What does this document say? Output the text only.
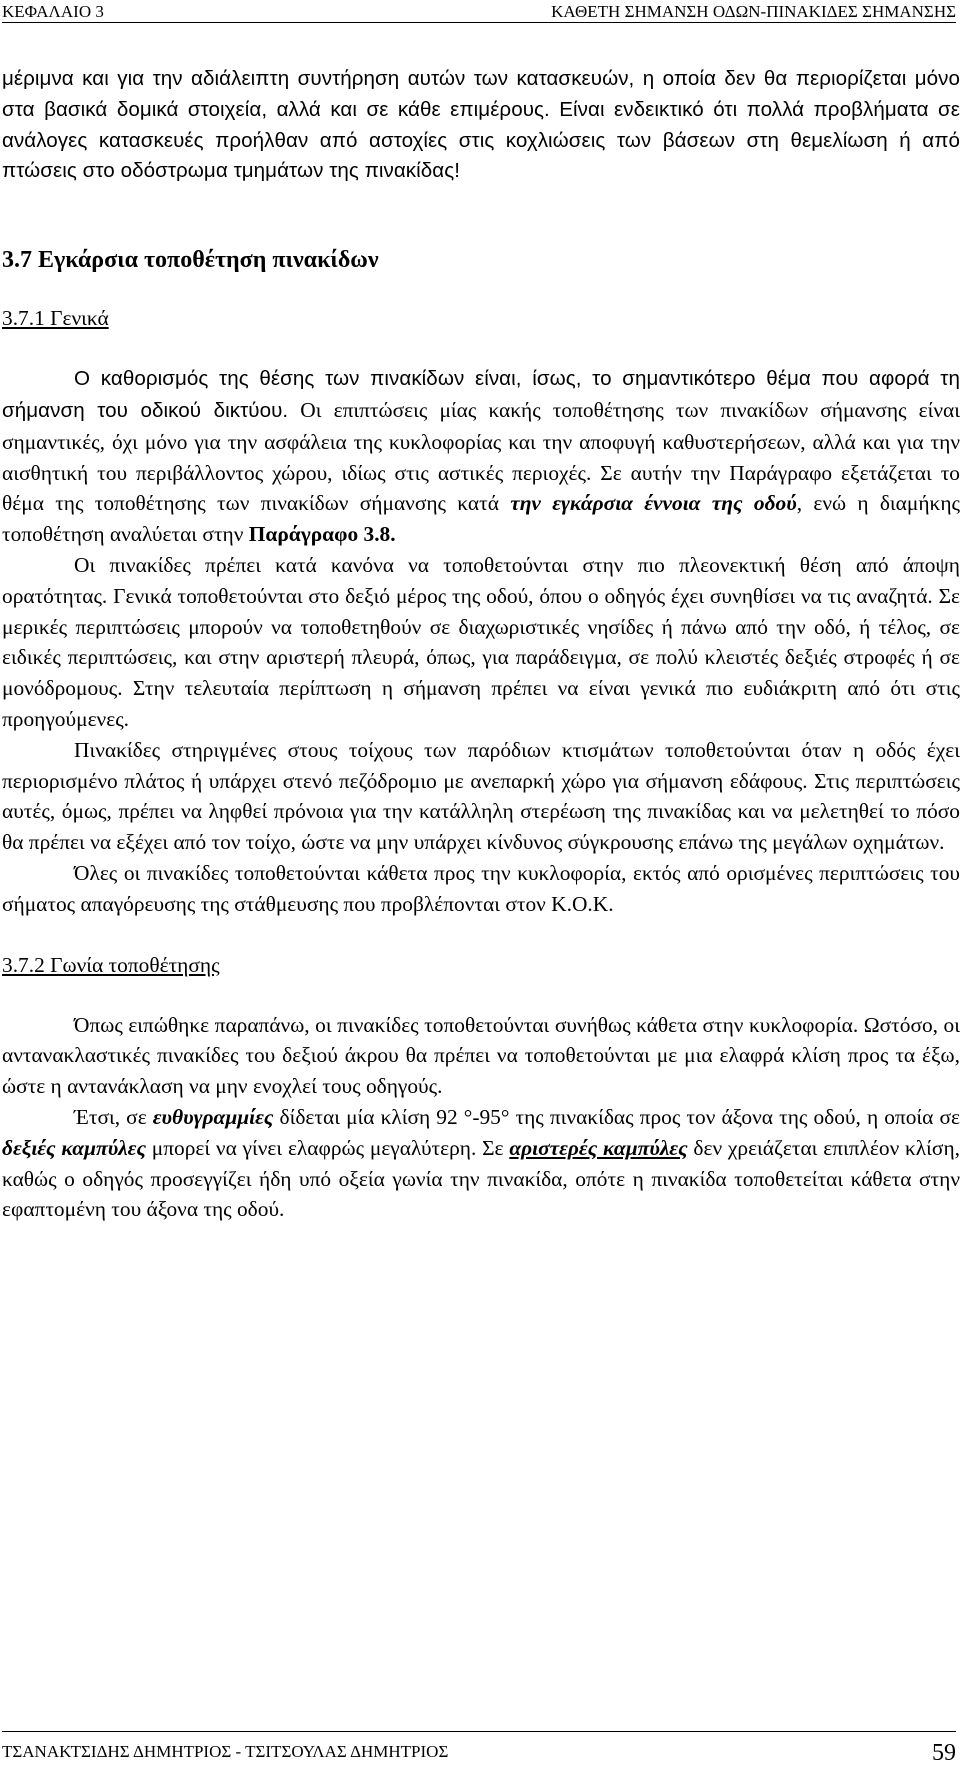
ΚΕΦΑΛΑΙΟ 3	ΚΑΘΕΤΗ ΣΗΜΑΝΣΗ ΟΔΩΝ-ΠΙΝΑΚΙΔΕΣ ΣΗΜΑΝΣΗΣ

μέριμνα και για την αδιάλειπτη συντήρηση αυτών των κατασκευών, η οποία δεν θα περιορίζεται μόνο στα βασικά δομικά στοιχεία, αλλά και σε κάθε επιμέρους. Είναι ενδεικτικό ότι πολλά προβλήματα σε ανάλογες κατασκευές προήλθαν από αστοχίες στις κοχλιώσεις των βάσεων στη θεμελίωση ή από πτώσεις στο οδόστρωμα τμημάτων της πινακίδας!

3.7 Εγκάρσια τοποθέτηση πινακίδων
3.7.1 Γενικά

Ο καθορισμός της θέσης των πινακίδων είναι, ίσως, το σημαντικότερο θέμα που αφορά τη σήμανση του οδικού δικτύου. Οι επιπτώσεις μίας κακής τοποθέτησης των πινακίδων σήμανσης είναι σημαντικές, όχι μόνο για την ασφάλεια της κυκλοφορίας και την αποφυγή καθυστερήσεων, αλλά και για την αισθητική του περιβάλλοντος χώρου, ιδίως στις αστικές περιοχές. Σε αυτήν την Παράγραφο εξετάζεται το θέμα της τοποθέτησης των πινακίδων σήμανσης κατά την εγκάρσια έννοια της οδού, ενώ η διαμήκης τοποθέτηση αναλύεται στην Παράγραφο 3.8.

Οι πινακίδες πρέπει κατά κανόνα να τοποθετούνται στην πιο πλεονεκτική θέση από άποψη ορατότητας. Γενικά τοποθετούνται στο δεξιό μέρος της οδού, όπου ο οδηγός έχει συνηθίσει να τις αναζητά. Σε μερικές περιπτώσεις μπορούν να τοποθετηθούν σε διαχωριστικές νησίδες ή πάνω από την οδό, ή τέλος, σε ειδικές περιπτώσεις, και στην αριστερή πλευρά, όπως, για παράδειγμα, σε πολύ κλειστές δεξιές στροφές ή σε μονόδρομους. Στην τελευταία περίπτωση η σήμανση πρέπει να είναι γενικά πιο ευδιάκριτη από ότι στις προηγούμενες.

Πινακίδες στηριγμένες στους τοίχους των παρόδιων κτισμάτων τοποθετούνται όταν η οδός έχει περιορισμένο πλάτος ή υπάρχει στενό πεζόδρομιο με ανεπαρκή χώρο για σήμανση εδάφους. Στις περιπτώσεις αυτές, όμως, πρέπει να ληφθεί πρόνοια για την κατάλληλη στερέωση της πινακίδας και να μελετηθεί το πόσο θα πρέπει να εξέχει από τον τοίχο, ώστε να μην υπάρχει κίνδυνος σύγκρουσης επάνω της μεγάλων οχημάτων.

Όλες οι πινακίδες τοποθετούνται κάθετα προς την κυκλοφορία, εκτός από ορισμένες περιπτώσεις του σήματος απαγόρευσης της στάθμευσης που προβλέπονται στον Κ.Ο.Κ.

3.7.2 Γωνία τοποθέτησης

Όπως ειπώθηκε παραπάνω, οι πινακίδες τοποθετούνται συνήθως κάθετα στην κυκλοφορία. Ωστόσο, οι αντανακλαστικές πινακίδες του δεξιού άκρου θα πρέπει να τοποθετούνται με μια ελαφρά κλίση προς τα έξω, ώστε η αντανάκλαση να μην ενοχλεί τους οδηγούς.

Έτσι, σε ευθυγραμμίες δίδεται μία κλίση 92 °-95° της πινακίδας προς τον άξονα της οδού, η οποία σε δεξιές καμπύλες μπορεί να γίνει ελαφρώς μεγαλύτερη. Σε αριστερές καμπύλες δεν χρειάζεται επιπλέον κλίση, καθώς ο οδηγός προσεγγίζει ήδη υπό οξεία γωνία την πινακίδα, οπότε η πινακίδα τοποθετείται κάθετα στην εφαπτομένη του άξονα της οδού.

ΤΣΑΝΑΚΤΣΙΔΗΣ ΔΗΜΗΤΡΙΟΣ - ΤΣΙΤΣΟΥΛΑΣ ΔΗΜΗΤΡΙΟΣ	59
